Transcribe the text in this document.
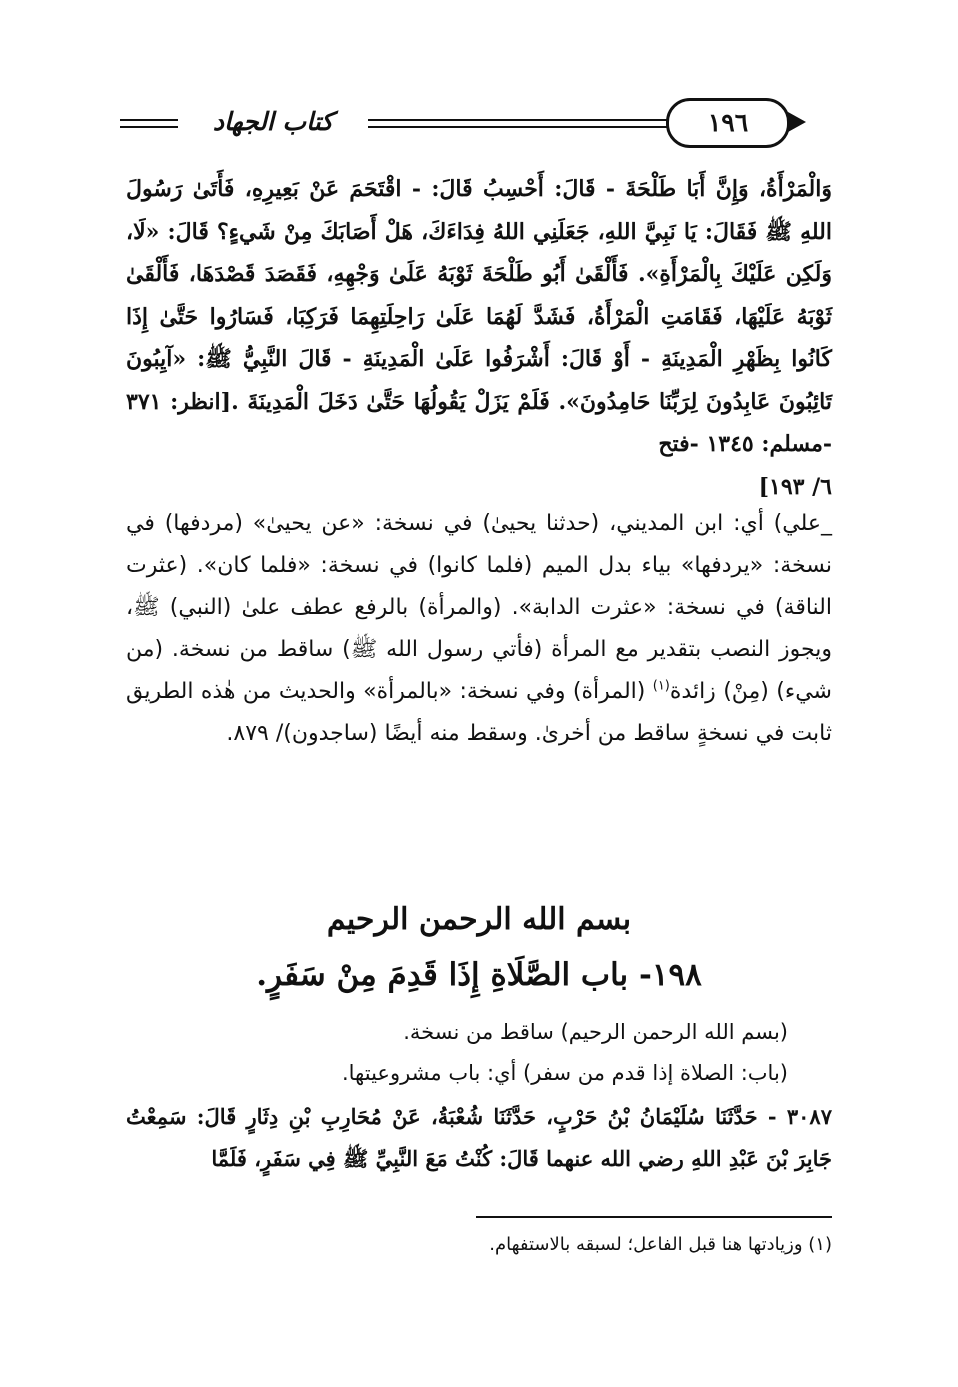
كتاب الجهاد	١٩٦

وَالْمَرْأَةُ، وَإِنَّ أَبَا طَلْحَةَ - قَالَ: أَحْسِبُ قَالَ: - اقْتَحَمَ عَنْ بَعِيرِهِ، فَأَتَىٰ رَسُولَ اللهِ ﷺ فَقَالَ: يَا نَبِيَّ اللهِ، جَعَلَنِي اللهُ فِدَاءَكَ، هَلْ أَصَابَكَ مِنْ شَيءٍ؟ قَالَ: «لَا، وَلَكِن عَلَيْكَ بِالْمَرْأَةِ». فَأَلْقَىٰ أَبُو طَلْحَةَ ثَوْبَهُ عَلَىٰ وَجْهِهِ، فَقَصَدَ قَصْدَهَا، فَأَلْقَىٰ ثَوْبَهُ عَلَيْهَا، فَقَامَتِ الْمَرْأَةُ، فَشَدَّ لَهُمَا عَلَىٰ رَاحِلَتِهِمَا فَرَكِبَا، فَسَارُوا حَتَّىٰ إِذَا كَانُوا بِظَهْرِ الْمَدِينَةِ - أَوْ قَالَ: أَشْرَفُوا عَلَىٰ الْمَدِينَةِ - قَالَ النَّبِيُّ ﷺ: «آيِبُونَ تَائِبُونَ عَابِدُونَ لِرَبِّنَا حَامِدُونَ». فَلَمْ يَزَلْ يَقُولُهَا حَتَّىٰ دَخَلَ الْمَدِينَةَ .[انظر: ٣٧١ -مسلم: ١٣٤٥ -فتح
٦/ ١٩٣]

_علي) أي: ابن المديني، (حدثنا يحيىٰ) في نسخة: «عن يحيىٰ» (مردفها) في نسخة: «يردفها» بياء بدل الميم (فلما كانوا) في نسخة: «فلما كان». (عثرت الناقة) في نسخة: «عثرت الدابة». (والمرأة) بالرفع عطف علىٰ (النبي) ﷺ، ويجوز النصب بتقدير مع المرأة (فأتي رسول الله ﷺ) ساقط من نسخة. (من شيء) (مِنْ) زائدة$^{(١)}$ (المرأة) وفي نسخة: «بالمرأة» والحديث من هٰذه الطريق ثابت في نسخةٍ ساقط من أخرىٰ. وسقط منه أيضًا (ساجدون)/ ٨٧٩.

بسم الله الرحمن الرحيم
١٩٨- باب الصَّلَاةِ إِذَا قَدِمَ مِنْ سَفَرٍ.

(بسم الله الرحمن الرحيم) ساقط من نسخة.

(باب: الصلاة إذا قدم من سفر) أي: باب مشروعيتها.

٣٠٨٧ - حَدَّثَنَا سُلَيْمَانُ بْنُ حَرْبٍ، حَدَّثَنَا شُعْبَةُ، عَنْ مُحَارِبِ بْنِ دِثَارٍ قَالَ: سَمِعْتُ جَابِرَ بْنَ عَبْدِ اللهِ رضي الله عنهما قَالَ: كُنْتُ مَعَ النَّبِيِّ ﷺ فِي سَفَرٍ، فَلَمَّا

(١) وزيادتها هنا قبل الفاعل؛ لسبقه بالاستفهام.
